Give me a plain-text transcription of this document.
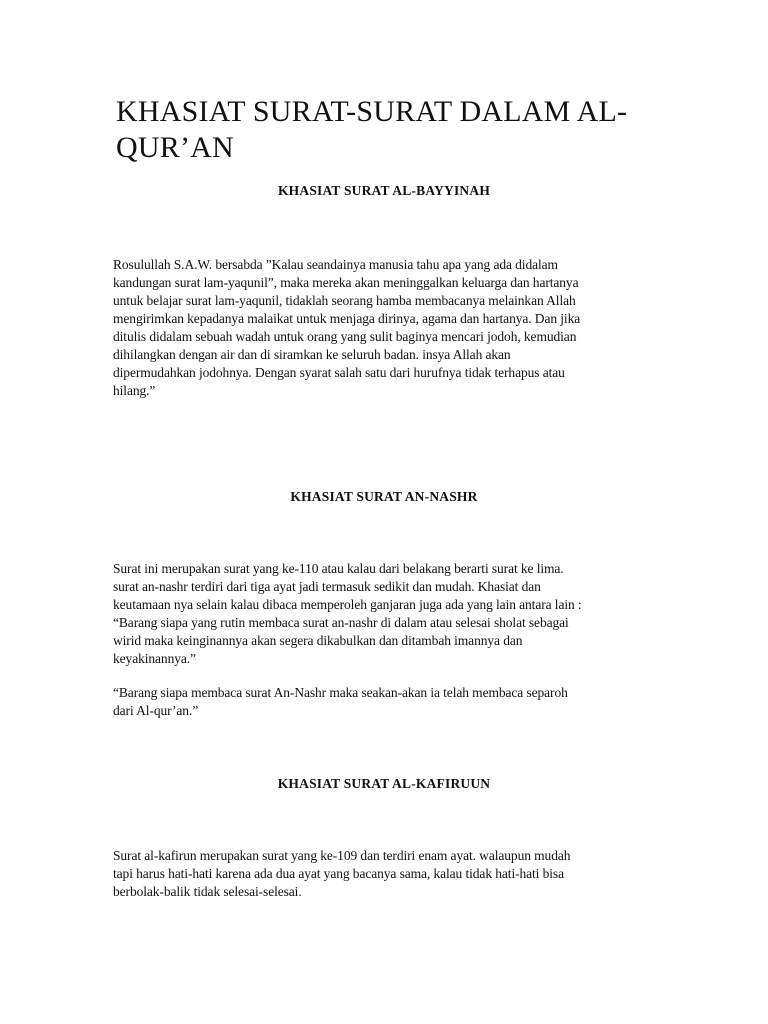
KHASIAT SURAT-SURAT DALAM AL-
QUR’AN
KHASIAT SURAT AL-BAYYINAH

Rosulullah S.A.W. bersabda ”Kalau seandainya manusia tahu apa yang ada didalam
kandungan surat lam-yaqunil”, maka mereka akan meninggalkan keluarga dan hartanya
untuk belajar surat lam-yaqunil, tidaklah seorang hamba membacanya melainkan Allah
mengirimkan kepadanya malaikat untuk menjaga dirinya, agama dan hartanya. Dan jika
ditulis didalam sebuah wadah untuk orang yang sulit baginya mencari jodoh, kemudian
dihilangkan dengan air dan di siramkan ke seluruh badan. insya Allah akan
dipermudahkan jodohnya. Dengan syarat salah satu dari hurufnya tidak terhapus atau
hilang.”

KHASIAT SURAT AN-NASHR

Surat ini merupakan surat yang ke-110 atau kalau dari belakang berarti surat ke lima.
surat an-nashr terdiri dari tiga ayat jadi termasuk sedikit dan mudah. Khasiat dan
keutamaan nya selain kalau dibaca memperoleh ganjaran juga ada yang lain antara lain :
“Barang siapa yang rutin membaca surat an-nashr di dalam atau selesai sholat sebagai
wirid maka keinginannya akan segera dikabulkan dan ditambah imannya dan
keyakinannya.”

“Barang siapa membaca surat An-Nashr maka seakan-akan ia telah membaca separoh
dari Al-qur’an.”

KHASIAT SURAT AL-KAFIRUUN

Surat al-kafirun merupakan surat yang ke-109 dan terdiri enam ayat. walaupun mudah
tapi harus hati-hati karena ada dua ayat yang bacanya sama, kalau tidak hati-hati bisa
berbolak-balik tidak selesai-selesai.
